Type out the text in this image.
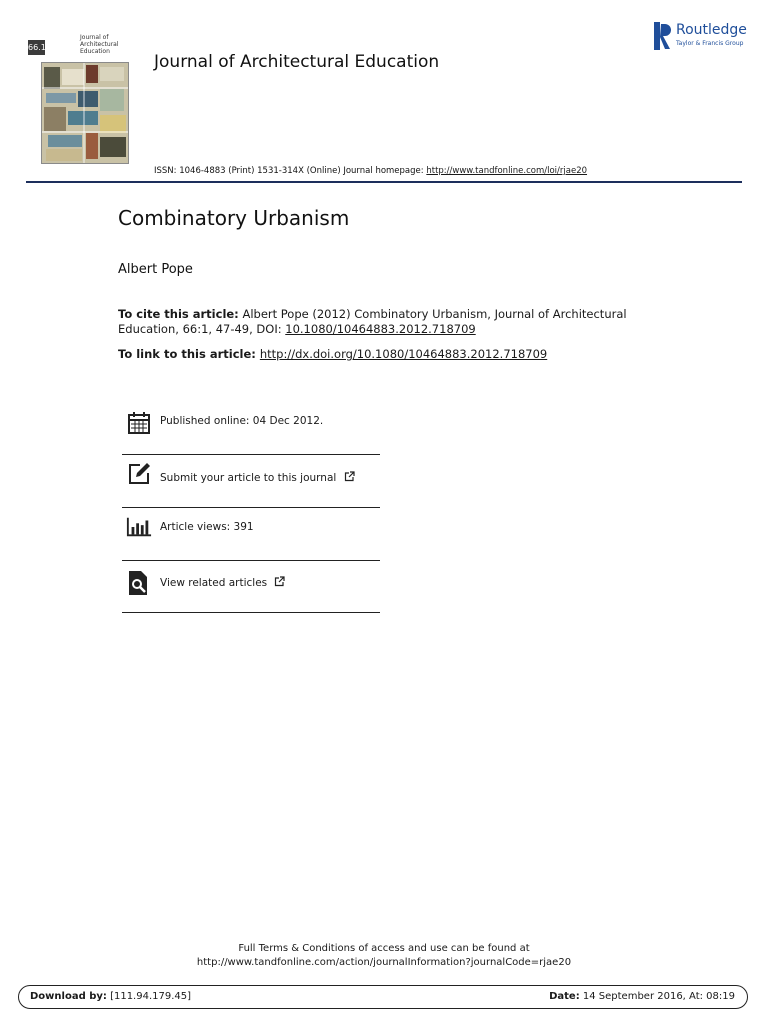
66.1
Journal of Architectural Education
Journal of Architectural Education
Routledge
Taylor & Francis Group
ISSN: 1046-4883 (Print) 1531-314X (Online) Journal homepage: http://www.tandfonline.com/loi/rjae20
Combinatory Urbanism
Albert Pope
To cite this article: Albert Pope (2012) Combinatory Urbanism, Journal of Architectural Education, 66:1, 47-49, DOI: 10.1080/10464883.2012.718709
To link to this article: http://dx.doi.org/10.1080/10464883.2012.718709
Published online: 04 Dec 2012.
Submit your article to this journal
Article views: 391
View related articles
Full Terms & Conditions of access and use can be found at
http://www.tandfonline.com/action/journalInformation?journalCode=rjae20
Download by: [111.94.179.45]	Date: 14 September 2016, At: 08:19
